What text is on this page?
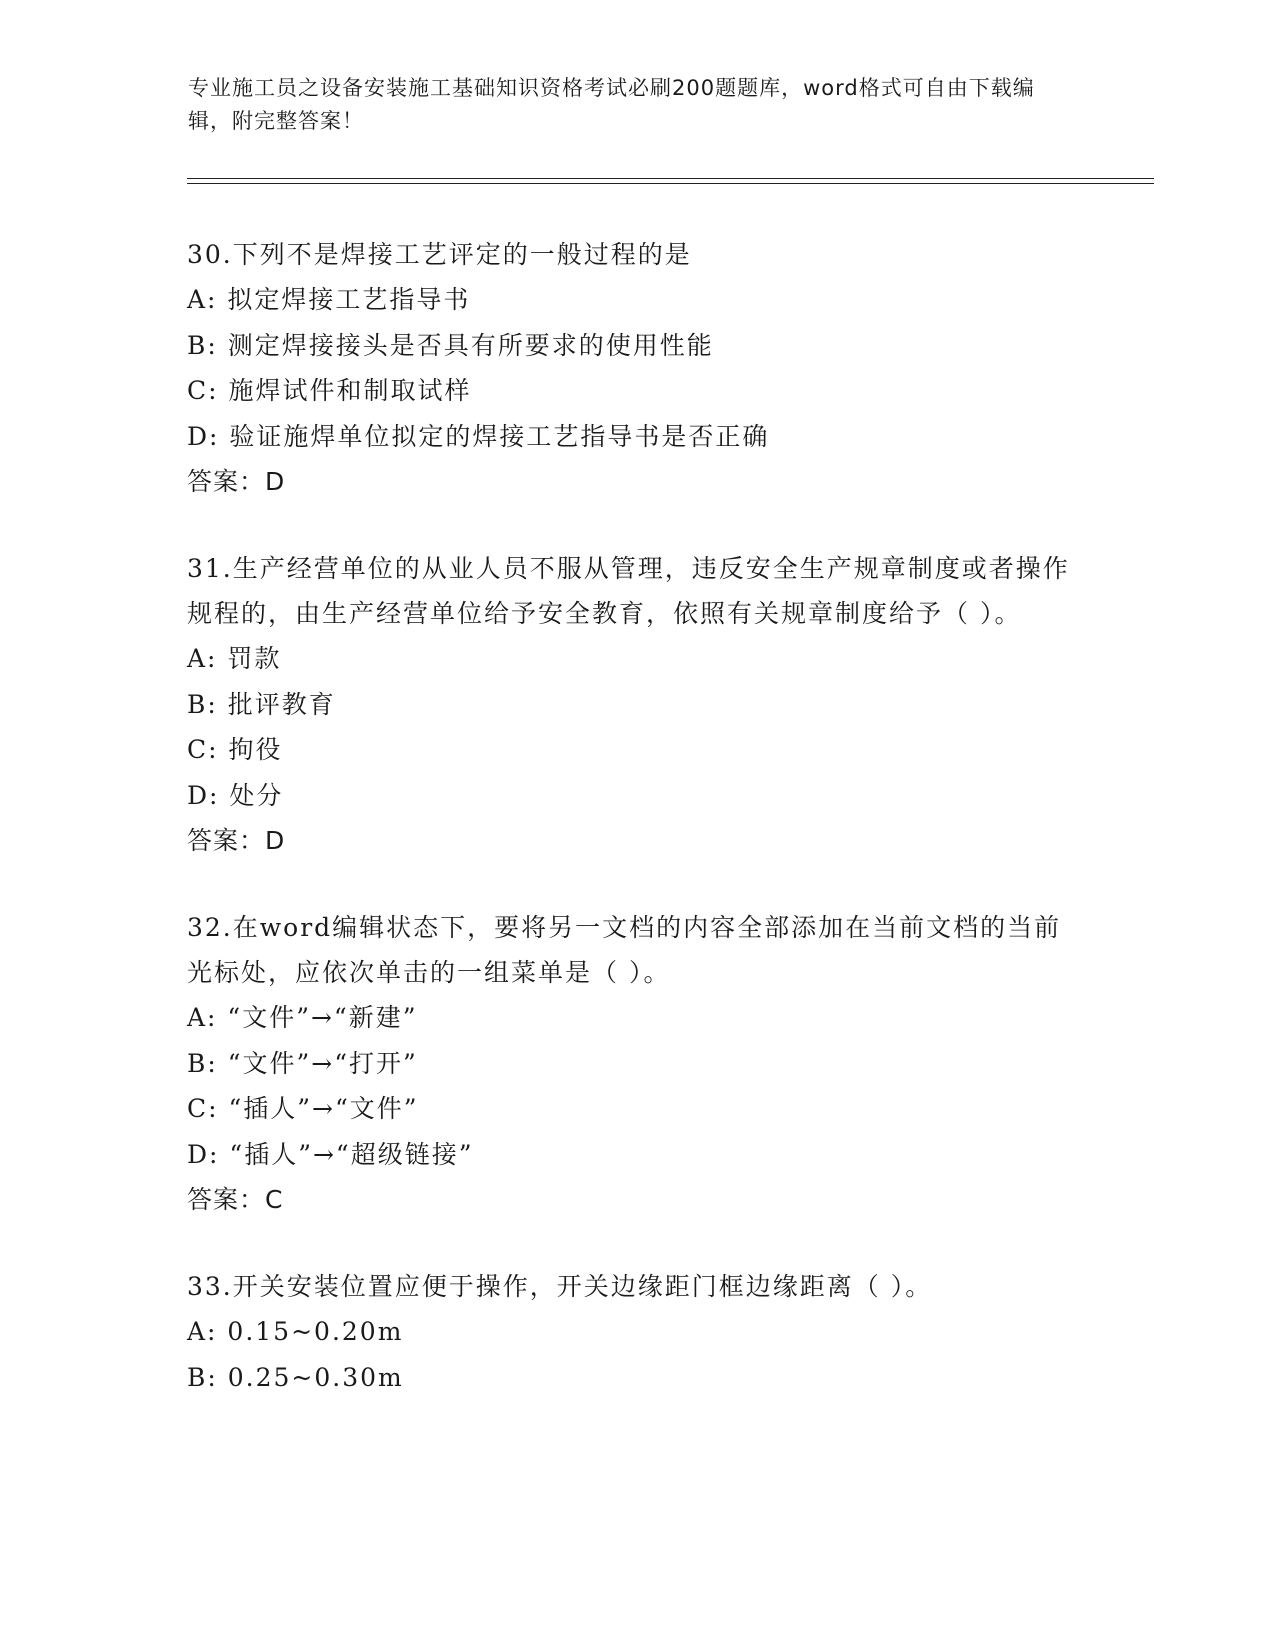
专业施工员之设备安装施工基础知识资格考试必刷200题题库，word格式可自由下载编辑，附完整答案！
30.下列不是焊接工艺评定的一般过程的是
A: 拟定焊接工艺指导书
B: 测定焊接接头是否具有所要求的使用性能
C: 施焊试件和制取试样
D: 验证施焊单位拟定的焊接工艺指导书是否正确
答案：D
31.生产经营单位的从业人员不服从管理，违反安全生产规章制度或者操作规程的，由生产经营单位给予安全教育，依照有关规章制度给予（ ）。
A: 罚款
B: 批评教育
C: 拘役
D: 处分
答案：D
32.在word编辑状态下，要将另一文档的内容全部添加在当前文档的当前光标处，应依次单击的一组菜单是（ ）。
A: “文件”→“新建”
B: “文件”→“打开”
C: “插人”→“文件”
D: “插人”→“超级链接”
答案：C
33.开关安装位置应便于操作，开关边缘距门框边缘距离（ ）。
A: 0.15~0.20m
B: 0.25~0.30m
